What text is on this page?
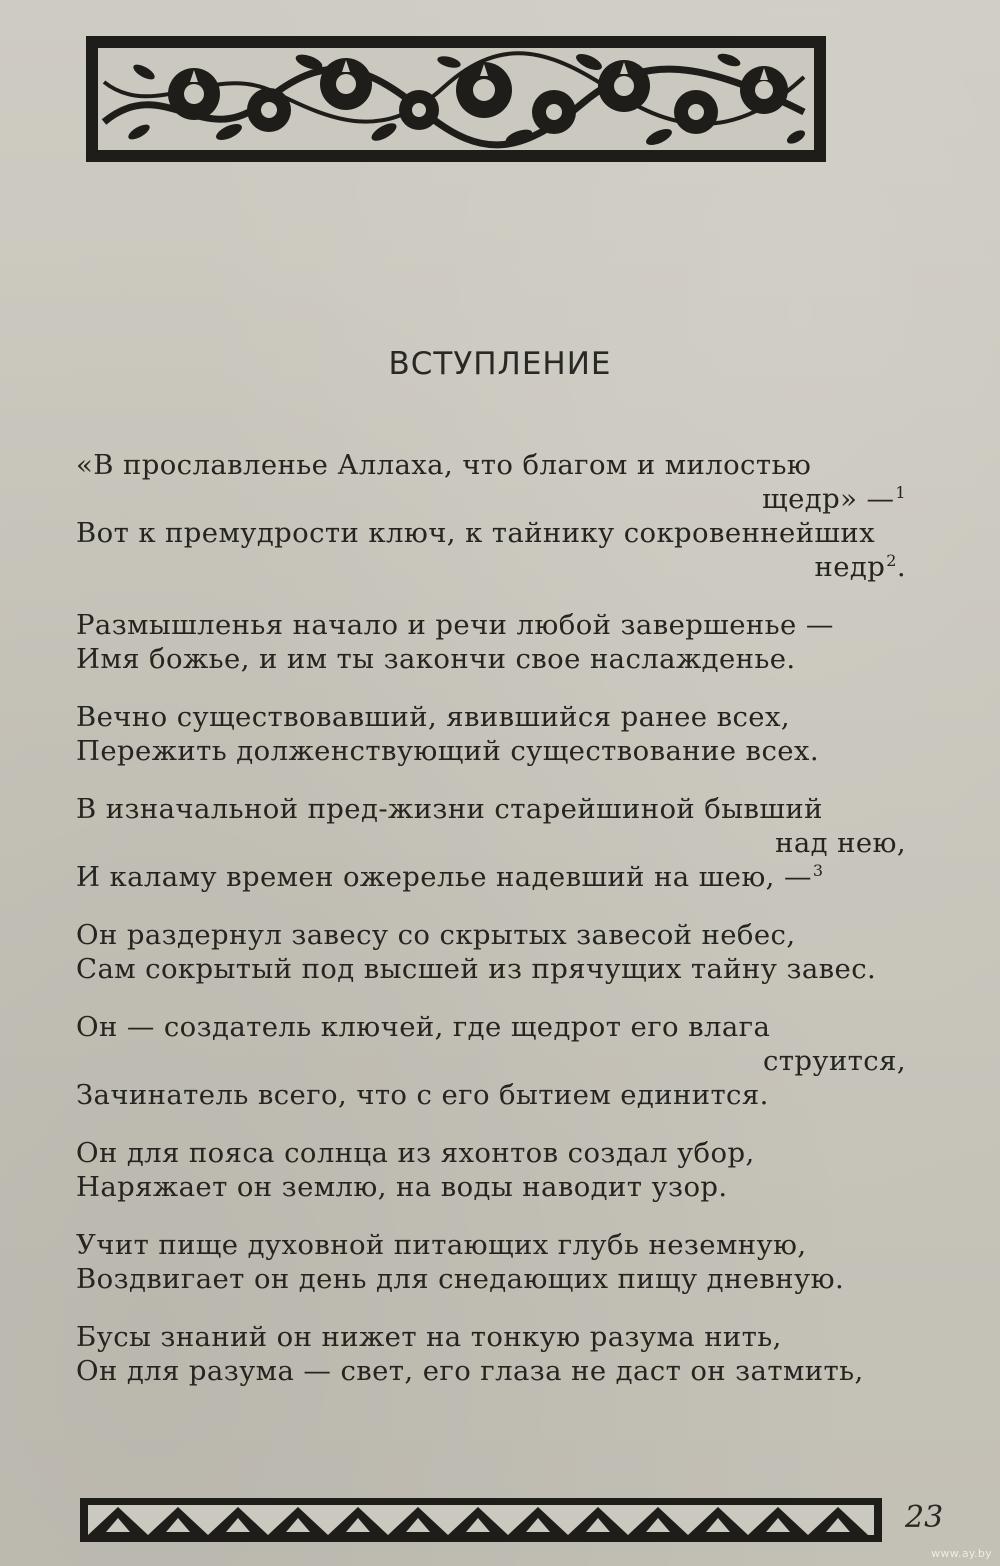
ВСТУПЛЕНИЕ
«В прославленье Аллаха, что благом и милостью
щедр» —$^1$
Вот к премудрости ключ, к тайнику сокровеннейших
недр$^2$.
Размышленья начало и речи любой завершенье —
Имя божье, и им ты закончи свое наслажденье.
Вечно существовавший, явившийся ранее всех,
Пережить долженствующий существование всех.
В изначальной пред-жизни старейшиной бывший
над нею,
И каламу времен ожерелье надевший на шею, —$^3$
Он раздернул завесу со скрытых завесой небес,
Сам сокрытый под высшей из прячущих тайну завес.
Он — создатель ключей, где щедрот его влага
струится,
Зачинатель всего, что с его бытием единится.
Он для пояса солнца из яхонтов создал убор,
Наряжает он землю, на воды наводит узор.
Учит пище духовной питающих глубь неземную,
Воздвигает он день для снедающих пищу дневную.
Бусы знаний он нижет на тонкую разума нить,
Он для разума — свет, его глаза не даст он затмить,
23
www.ay.by
